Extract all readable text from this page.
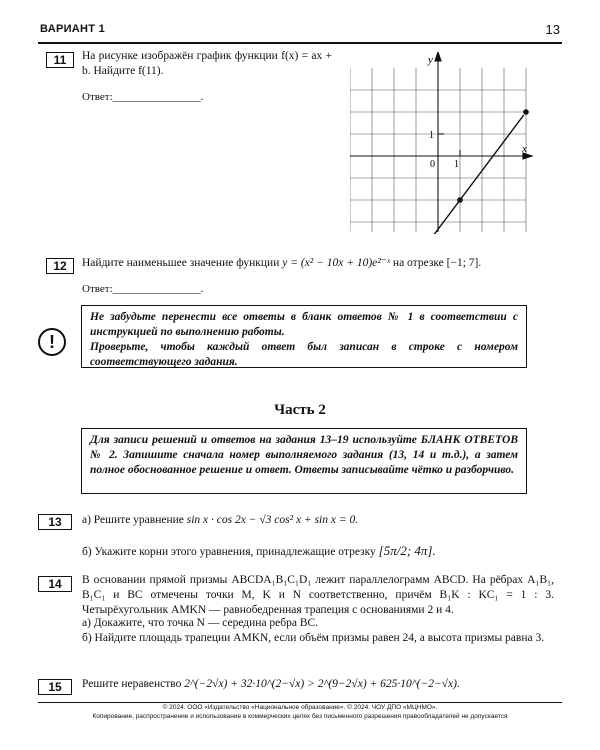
ВАРИАНТ 1	13
11	На рисунке изображён график функции f(x) = ax + b. Найдите f(11).
Ответ:________________.
y
x
1
0 1
12	Найдите наименьшее значение функции y = (x² − 10x + 10)e²⁻ˣ на отрезке [−1; 7].
Ответ:________________.
!
Не забудьте перенести все ответы в бланк ответов № 1 в соответствии с инструкцией по выполнению работы.
Проверьте, чтобы каждый ответ был записан в строке с номером соответствующего задания.
Часть 2
Для записи решений и ответов на задания 13–19 используйте БЛАНК ОТВЕТОВ № 2. Запишите сначала номер выполняемого задания (13, 14 и т.д.), а затем полное обоснованное решение и ответ. Ответы записывайте чётко и разборчиво.
13	а) Решите уравнение sin x · cos 2x − √3 cos² x + sin x = 0.
б) Укажите корни этого уравнения, принадлежащие отрезку [5π/2; 4π].
14	В основании прямой призмы ABCDA₁B₁C₁D₁ лежит параллелограмм ABCD. На рёбрах A₁B₁, B₁C₁ и BC отмечены точки M, K и N соответственно, причём B₁K : KC₁ = 1 : 3. Четырёхугольник AMKN — равнобедренная трапеция с основаниями 2 и 4.
а) Докажите, что точка N — середина ребра BC.
б) Найдите площадь трапеции AMKN, если объём призмы равен 24, а высота призмы равна 3.
15	Решите неравенство 2^(−2√x) + 32·10^(2−√x) > 2^(9−2√x) + 625·10^(−2−√x).
© 2024. ООО «Издательство «Национальное образование». © 2024. ЧОУ ДПО «МЦНМО».
Копирование, распространение и использование в коммерческих целях без письменного разрешения правообладателей не допускается
